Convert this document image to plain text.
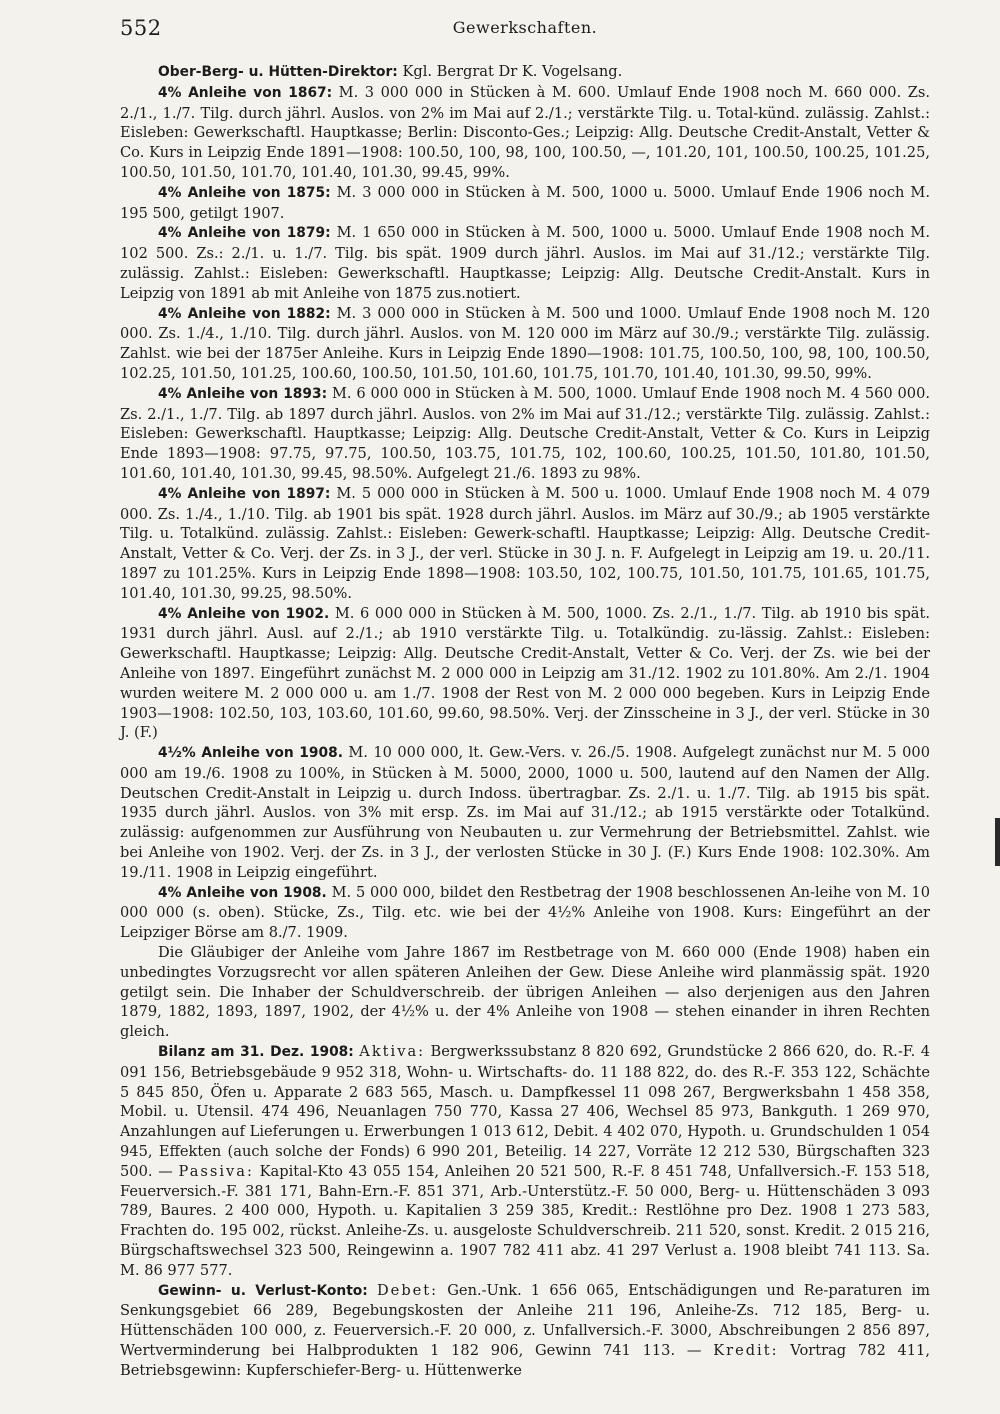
552	Gewerkschaften.

Ober-Berg- u. Hütten-Direktor: Kgl. Bergrat Dr K. Vogelsang.

4% Anleihe von 1867: M. 3 000 000 in Stücken à M. 600. Umlauf Ende 1908 noch M. 660 000. Zs. 2./1., 1./7. Tilg. durch jährl. Auslos. von 2% im Mai auf 2./1.; verstärkte Tilg. u. Total-künd. zulässig. Zahlst.: Eisleben: Gewerkschaftl. Hauptkasse; Berlin: Disconto-Ges.; Leipzig: Allg. Deutsche Credit-Anstalt, Vetter & Co. Kurs in Leipzig Ende 1891—1908: 100.50, 100, 98, 100, 100.50, —, 101.20, 101, 100.50, 100.25, 101.25, 100.50, 101.50, 101.70, 101.40, 101.30, 99.45, 99%.

4% Anleihe von 1875: M. 3 000 000 in Stücken à M. 500, 1000 u. 5000. Umlauf Ende 1906 noch M. 195 500, getilgt 1907.

4% Anleihe von 1879: M. 1 650 000 in Stücken à M. 500, 1000 u. 5000. Umlauf Ende 1908 noch M. 102 500. Zs.: 2./1. u. 1./7. Tilg. bis spät. 1909 durch jährl. Auslos. im Mai auf 31./12.; verstärkte Tilg. zulässig. Zahlst.: Eisleben: Gewerkschaftl. Hauptkasse; Leipzig: Allg. Deutsche Credit-Anstalt. Kurs in Leipzig von 1891 ab mit Anleihe von 1875 zus.notiert.

4% Anleihe von 1882: M. 3 000 000 in Stücken à M. 500 und 1000. Umlauf Ende 1908 noch M. 120 000. Zs. 1./4., 1./10. Tilg. durch jährl. Auslos. von M. 120 000 im März auf 30./9.; verstärkte Tilg. zulässig. Zahlst. wie bei der 1875er Anleihe. Kurs in Leipzig Ende 1890—1908: 101.75, 100.50, 100, 98, 100, 100.50, 102.25, 101.50, 101.25, 100.60, 100.50, 101.50, 101.60, 101.75, 101.70, 101.40, 101.30, 99.50, 99%.

4% Anleihe von 1893: M. 6 000 000 in Stücken à M. 500, 1000. Umlauf Ende 1908 noch M. 4 560 000. Zs. 2./1., 1./7. Tilg. ab 1897 durch jährl. Auslos. von 2% im Mai auf 31./12.; verstärkte Tilg. zulässig. Zahlst.: Eisleben: Gewerkschaftl. Hauptkasse; Leipzig: Allg. Deutsche Credit-Anstalt, Vetter & Co. Kurs in Leipzig Ende 1893—1908: 97.75, 97.75, 100.50, 103.75, 101.75, 102, 100.60, 100.25, 101.50, 101.80, 101.50, 101.60, 101.40, 101.30, 99.45, 98.50%. Aufgelegt 21./6. 1893 zu 98%.

4% Anleihe von 1897: M. 5 000 000 in Stücken à M. 500 u. 1000. Umlauf Ende 1908 noch M. 4 079 000. Zs. 1./4., 1./10. Tilg. ab 1901 bis spät. 1928 durch jährl. Auslos. im März auf 30./9.; ab 1905 verstärkte Tilg. u. Totalkünd. zulässig. Zahlst.: Eisleben: Gewerk-schaftl. Hauptkasse; Leipzig: Allg. Deutsche Credit-Anstalt, Vetter & Co. Verj. der Zs. in 3 J., der verl. Stücke in 30 J. n. F. Aufgelegt in Leipzig am 19. u. 20./11. 1897 zu 101.25%. Kurs in Leipzig Ende 1898—1908: 103.50, 102, 100.75, 101.50, 101.75, 101.65, 101.75, 101.40, 101.30, 99.25, 98.50%.

4% Anleihe von 1902. M. 6 000 000 in Stücken à M. 500, 1000. Zs. 2./1., 1./7. Tilg. ab 1910 bis spät. 1931 durch jährl. Ausl. auf 2./1.; ab 1910 verstärkte Tilg. u. Totalkündig. zu-lässig. Zahlst.: Eisleben: Gewerkschaftl. Hauptkasse; Leipzig: Allg. Deutsche Credit-Anstalt, Vetter & Co. Verj. der Zs. wie bei der Anleihe von 1897. Eingeführt zunächst M. 2 000 000 in Leipzig am 31./12. 1902 zu 101.80%. Am 2./1. 1904 wurden weitere M. 2 000 000 u. am 1./7. 1908 der Rest von M. 2 000 000 begeben. Kurs in Leipzig Ende 1903—1908: 102.50, 103, 103.60, 101.60, 99.60, 98.50%. Verj. der Zinsscheine in 3 J., der verl. Stücke in 30 J. (F.)

4½% Anleihe von 1908. M. 10 000 000, lt. Gew.-Vers. v. 26./5. 1908. Aufgelegt zunächst nur M. 5 000 000 am 19./6. 1908 zu 100%, in Stücken à M. 5000, 2000, 1000 u. 500, lautend auf den Namen der Allg. Deutschen Credit-Anstalt in Leipzig u. durch Indoss. übertragbar. Zs. 2./1. u. 1./7. Tilg. ab 1915 bis spät. 1935 durch jährl. Auslos. von 3% mit ersp. Zs. im Mai auf 31./12.; ab 1915 verstärkte oder Totalkünd. zulässig: aufgenommen zur Ausführung von Neubauten u. zur Vermehrung der Betriebsmittel. Zahlst. wie bei Anleihe von 1902. Verj. der Zs. in 3 J., der verlosten Stücke in 30 J. (F.) Kurs Ende 1908: 102.30%. Am 19./11. 1908 in Leipzig eingeführt.

4% Anleihe von 1908. M. 5 000 000, bildet den Restbetrag der 1908 beschlossenen An-leihe von M. 10 000 000 (s. oben). Stücke, Zs., Tilg. etc. wie bei der 4½% Anleihe von 1908. Kurs: Eingeführt an der Leipziger Börse am 8./7. 1909.

Die Gläubiger der Anleihe vom Jahre 1867 im Restbetrage von M. 660 000 (Ende 1908) haben ein unbedingtes Vorzugsrecht vor allen späteren Anleihen der Gew. Diese Anleihe wird planmässig spät. 1920 getilgt sein. Die Inhaber der Schuldverschreib. der übrigen Anleihen — also derjenigen aus den Jahren 1879, 1882, 1893, 1897, 1902, der 4½% u. der 4% Anleihe von 1908 — stehen einander in ihren Rechten gleich.

Bilanz am 31. Dez. 1908: Aktiva: Bergwerkssubstanz 8 820 692, Grundstücke 2 866 620, do. R.-F. 4 091 156, Betriebsgebäude 9 952 318, Wohn- u. Wirtschafts- do. 11 188 822, do. des R.-F. 353 122, Schächte 5 845 850, Öfen u. Apparate 2 683 565, Masch. u. Dampfkessel 11 098 267, Bergwerksbahn 1 458 358, Mobil. u. Utensil. 474 496, Neuanlagen 750 770, Kassa 27 406, Wechsel 85 973, Bankguth. 1 269 970, Anzahlungen auf Lieferungen u. Erwerbungen 1 013 612, Debit. 4 402 070, Hypoth. u. Grundschulden 1 054 945, Effekten (auch solche der Fonds) 6 990 201, Beteilig. 14 227, Vorräte 12 212 530, Bürgschaften 323 500. — Passiva: Kapital-Kto 43 055 154, Anleihen 20 521 500, R.-F. 8 451 748, Unfallversich.-F. 153 518, Feuerversich.-F. 381 171, Bahn-Ern.-F. 851 371, Arb.-Unterstütz.-F. 50 000, Berg- u. Hüttenschäden 3 093 789, Baures. 2 400 000, Hypoth. u. Kapitalien 3 259 385, Kredit.: Restlöhne pro Dez. 1908 1 273 583, Frachten do. 195 002, rückst. Anleihe-Zs. u. ausgeloste Schuldverschreib. 211 520, sonst. Kredit. 2 015 216, Bürgschaftswechsel 323 500, Reingewinn a. 1907 782 411 abz. 41 297 Verlust a. 1908 bleibt 741 113. Sa. M. 86 977 577.

Gewinn- u. Verlust-Konto: Debet: Gen.-Unk. 1 656 065, Entschädigungen und Re-paraturen im Senkungsgebiet 66 289, Begebungskosten der Anleihe 211 196, Anleihe-Zs. 712 185, Berg- u. Hüttenschäden 100 000, z. Feuerversich.-F. 20 000, z. Unfallversich.-F. 3000, Abschreibungen 2 856 897, Wertverminderung bei Halbprodukten 1 182 906, Gewinn 741 113. — Kredit: Vortrag 782 411, Betriebsgewinn: Kupferschiefer-Berg- u. Hüttenwerke
